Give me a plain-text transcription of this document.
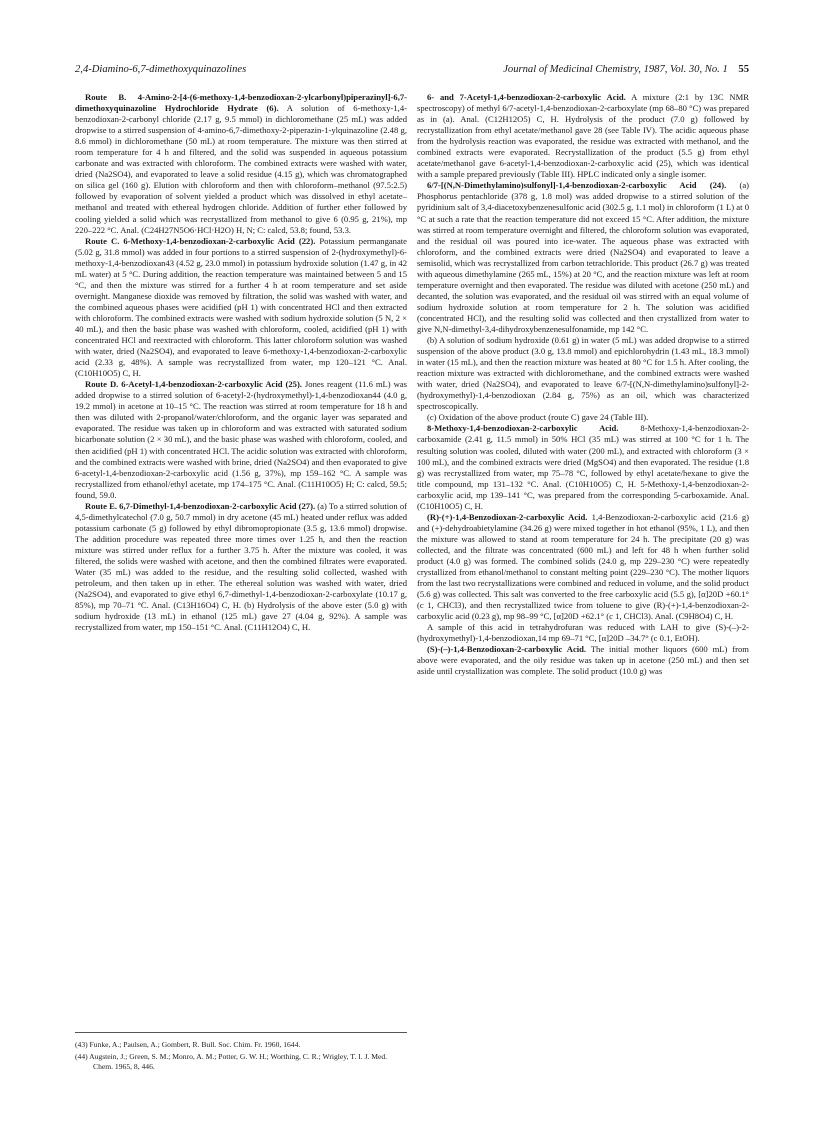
2,4-Diamino-6,7-dimethoxyquinazolines	Journal of Medicinal Chemistry, 1987, Vol. 30, No. 1 55

Route B. 4-Amino-2-[4-(6-methoxy-1,4-benzodioxan-2-ylcarbonyl)piperazinyl]-6,7-dimethoxyquinazoline Hydrochloride Hydrate (6). A solution of 6-methoxy-1,4-benzodioxan-2-carbonyl chloride (2.17 g, 9.5 mmol) in dichloromethane (25 mL) was added dropwise to a stirred suspension of 4-amino-6,7-dimethoxy-2-piperazin-1-ylquinazoline (2.48 g, 8.6 mmol) in dichloromethane (50 mL) at room temperature. The mixture was then stirred at room temperature for 4 h and filtered, and the solid was suspended in aqueous potassium carbonate and was extracted with chloroform. The combined extracts were washed with water, dried (Na2SO4), and evaporated to leave a solid residue (4.15 g), which was chromatographed on silica gel (160 g). Elution with chloroform and then with chloroform–methanol (97.5:2.5) followed by evaporation of solvent yielded a product which was dissolved in ethyl acetate–methanol and treated with ethereal hydrogen chloride. Addition of further ether followed by cooling yielded a solid which was recrystallized from methanol to give 6 (0.95 g, 21%), mp 220–222 °C. Anal. (C24H27N5O6·HCl·H2O) H, N; C: calcd, 53.8; found, 53.3.

Route C. 6-Methoxy-1,4-benzodioxan-2-carboxylic Acid (22). Potassium permanganate (5.02 g, 31.8 mmol) was added in four portions to a stirred suspension of 2-(hydroxymethyl)-6-methoxy-1,4-benzodioxan43 (4.52 g, 23.0 mmol) in potassium hydroxide solution (1.47 g, in 42 mL water) at 5 °C. During addition, the reaction temperature was maintained between 5 and 15 °C, and then the mixture was stirred for a further 4 h at room temperature and set aside overnight. Manganese dioxide was removed by filtration, the solid was washed with water, and the combined aqueous phases were acidified (pH 1) with concentrated HCl and then extracted with chloroform. The combined extracts were washed with sodium hydroxide solution (5 N, 2 × 40 mL), and then the basic phase was washed with chloroform, cooled, acidified (pH 1) with concentrated HCl and reextracted with chloroform. This latter chloroform solution was washed with water, dried (Na2SO4), and evaporated to leave 6-methoxy-1,4-benzodioxan-2-carboxylic acid (2.33 g, 48%). A sample was recrystallized from water, mp 120–121 °C. Anal. (C10H10O5) C, H.

Route D. 6-Acetyl-1,4-benzodioxan-2-carboxylic Acid (25). Jones reagent (11.6 mL) was added dropwise to a stirred solution of 6-acetyl-2-(hydroxymethyl)-1,4-benzodioxan44 (4.0 g, 19.2 mmol) in acetone at 10–15 °C. The reaction was stirred at room temperature for 18 h and then was diluted with 2-propanol/water/chloroform, and the organic layer was separated and evaporated. The residue was taken up in chloroform and was extracted with saturated sodium bicarbonate solution (2 × 30 mL), and the basic phase was washed with chloroform, cooled, and then acidified (pH 1) with concentrated HCl. The acidic solution was extracted with chloroform, and the combined extracts were washed with brine, dried (Na2SO4) and then evaporated to give 6-acetyl-1,4-benzodioxan-2-carboxylic acid (1.56 g, 37%), mp 159–162 °C. A sample was recrystallized from ethanol/ethyl acetate, mp 174–175 °C. Anal. (C11H10O5) H; C: calcd, 59.5; found, 59.0.

Route E. 6,7-Dimethyl-1,4-benzodioxan-2-carboxylic Acid (27). (a) To a stirred solution of 4,5-dimethylcatechol (7.0 g, 50.7 mmol) in dry acetone (45 mL) heated under reflux was added potassium carbonate (5 g) followed by ethyl dibromopropionate (3.5 g, 13.6 mmol) dropwise. The addition procedure was repeated three more times over 1.25 h, and then the reaction mixture was stirred under reflux for a further 3.75 h. After the mixture was cooled, it was filtered, the solids were washed with acetone, and then the combined filtrates were evaporated. Water (35 mL) was added to the residue, and the resulting solid collected, washed with petroleum, and then taken up in ether. The ethereal solution was washed with water, dried (Na2SO4), and evaporated to give ethyl 6,7-dimethyl-1,4-benzodioxan-2-carboxylate (10.17 g, 85%), mp 70–71 °C. Anal. (C13H16O4) C, H. (b) Hydrolysis of the above ester (5.0 g) with sodium hydroxide (13 mL) in ethanol (125 mL) gave 27 (4.04 g, 92%). A sample was recrystallized from water, mp 150–151 °C. Anal. (C11H12O4) C, H.

(43) Funke, A.; Paulsen, A.; Gombert, R. Bull. Soc. Chim. Fr. 1960, 1644.

(44) Augstein, J.; Green, S. M.; Monro, A. M.; Potter, G. W. H.; Worthing, C. R.; Wrigley, T. I. J. Med. Chem. 1965, 8, 446.

6- and 7-Acetyl-1,4-benzodioxan-2-carboxylic Acid. A mixture (2:1 by 13C NMR spectroscopy) of methyl 6/7-acetyl-1,4-benzodioxan-2-carboxylate (mp 68–80 °C) was prepared as in (a). Anal. (C12H12O5) C, H. Hydrolysis of the product (7.0 g) followed by recrystallization from ethyl acetate/methanol gave 28 (see Table IV). The acidic aqueous phase from the hydrolysis reaction was evaporated, the residue was extracted with methanol, and the combined extracts were evaporated. Recrystallization of the product (5.5 g) from ethyl acetate/methanol gave 6-acetyl-1,4-benzodioxan-2-carboxylic acid (25), which was identical with a sample prepared previously (Table III). HPLC indicated only a single isomer.

6/7-[(N,N-Dimethylamino)sulfonyl]-1,4-benzodioxan-2-carboxylic Acid (24). (a) Phosphorus pentachloride (378 g, 1.8 mol) was added dropwise to a stirred solution of the pyridinium salt of 3,4-diacetoxybenzenesulfonic acid (302.5 g, 1.1 mol) in chloroform (1 L) at 0 °C at such a rate that the reaction temperature did not exceed 15 °C. After addition, the mixture was stirred at room temperature overnight and filtered, the chloroform solution was evaporated, and the residual oil was poured into ice-water. The aqueous phase was extracted with chloroform, and the combined extracts were dried (Na2SO4) and evaporated to leave a semisolid, which was recrystallized from carbon tetrachloride. This product (26.7 g) was treated with aqueous dimethylamine (265 mL, 15%) at 20 °C, and the reaction mixture was left at room temperature overnight and then evaporated. The residue was diluted with acetone (250 mL) and decanted, the solution was evaporated, and the residual oil was stirred with an equal volume of sodium hydroxide solution at room temperature for 2 h. The solution was acidified (concentrated HCl), and the resulting solid was collected and then crystallized from water to give N,N-dimethyl-3,4-dihydroxybenzenesulfonamide, mp 142 °C.

(b) A solution of sodium hydroxide (0.61 g) in water (5 mL) was added dropwise to a stirred suspension of the above product (3.0 g, 13.8 mmol) and epichlorohydrin (1.43 mL, 18.3 mmol) in water (15 mL), and then the reaction mixture was heated at 80 °C for 1.5 h. After cooling, the reaction mixture was extracted with dichloromethane, and the combined extracts were washed with water, dried (Na2SO4), and evaporated to leave 6/7-[(N,N-dimethylamino)sulfonyl]-2-(hydroxymethyl)-1,4-benzodioxan (2.84 g, 75%) as an oil, which was characterized spectroscopically.

(c) Oxidation of the above product (route C) gave 24 (Table III).

8-Methoxy-1,4-benzodioxan-2-carboxylic Acid. 8-Methoxy-1,4-benzodioxan-2-carboxamide (2.41 g, 11.5 mmol) in 50% HCl (35 mL) was stirred at 100 °C for 1 h. The resulting solution was cooled, diluted with water (200 mL), and extracted with chloroform (3 × 100 mL), and the combined extracts were dried (MgSO4) and then evaporated. The residue (1.8 g) was recrystallized from water, mp 75–78 °C, followed by ethyl acetate/hexane to give the title compound, mp 131–132 °C. Anal. (C10H10O5) C, H. 5-Methoxy-1,4-benzodioxan-2-carboxylic acid, mp 139–141 °C, was prepared from the corresponding 5-carboxamide. Anal. (C10H10O5) C, H.

(R)-(+)-1,4-Benzodioxan-2-carboxylic Acid. 1,4-Benzodioxan-2-carboxylic acid (21.6 g) and (+)-dehydroabietylamine (34.26 g) were mixed together in hot ethanol (95%, 1 L), and then the mixture was allowed to stand at room temperature for 24 h. The precipitate (20 g) was collected, and the filtrate was concentrated (600 mL) and left for 48 h when further solid product (4.0 g) was formed. The combined solids (24.0 g, mp 229–230 °C) were repeatedly crystallized from ethanol/methanol to constant melting point (229–230 °C). The mother liquors from the last two recrystallizations were combined and reduced in volume, and the solid product (5.6 g) was collected. This salt was converted to the free carboxylic acid (5.5 g), [α]20D +60.1° (c 1, CHCl3), and then recrystallized twice from toluene to give (R)-(+)-1,4-benzodioxan-2-carboxylic acid (0.23 g), mp 98–99 °C, [α]20D +62.1° (c 1, CHCl3). Anal. (C9H8O4) C, H.

A sample of this acid in tetrahydrofuran was reduced with LAH to give (S)-(–)-2-(hydroxymethyl)-1,4-benzodioxan,14 mp 69–71 °C, [α]20D –34.7° (c 0.1, EtOH).

(S)-(–)-1,4-Benzodioxan-2-carboxylic Acid. The initial mother liquors (600 mL) from above were evaporated, and the oily residue was taken up in acetone (250 mL) and then set aside until crystallization was complete. The solid product (10.0 g) was
